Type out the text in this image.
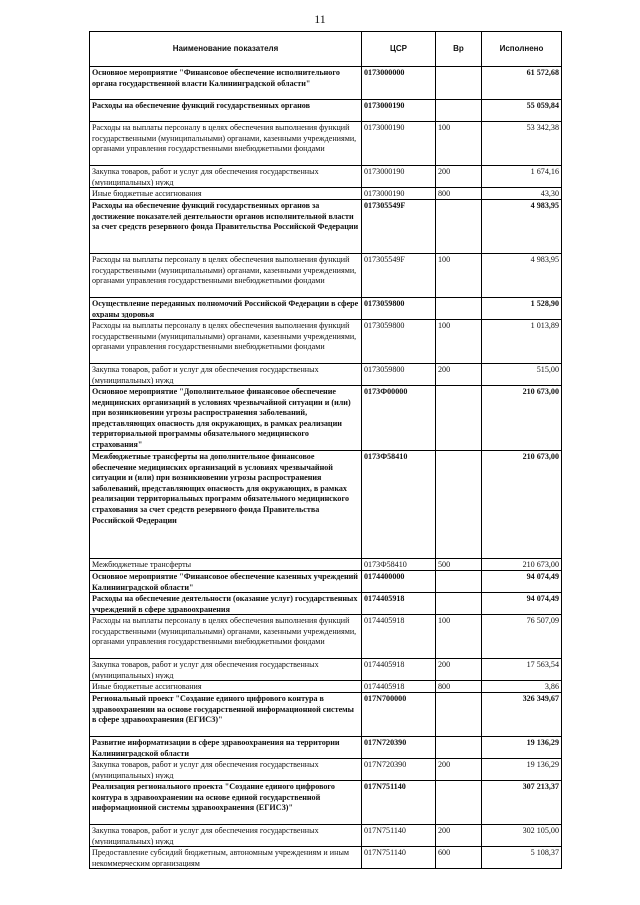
11
Наименование показателя	ЦСР	Вр	Исполнено

Основное мероприятие "Финансовое обеспечение исполнительного органа государственной власти Калининградской области"	0173000000		61 572,68

Расходы на обеспечение функций государственных органов	0173000190		55 059,84

Расходы на выплаты персоналу в целях обеспечения выполнения функций государственными (муниципальными) органами, казенными учреждениями, органами управления государственными внебюджетными фондами	0173000190	100	53 342,38

Закупка товаров, работ и услуг для обеспечения государственных (муниципальных) нужд	0173000190	200	1 674,16

Иные бюджетные ассигнования	0173000190	800	43,30

Расходы на обеспечение функций государственных органов за достижение показателей деятельности органов исполнительной власти за счет средств резервного фонда Правительства Российской Федерации	017305549F		4 983,95

Расходы на выплаты персоналу в целях обеспечения выполнения функций государственными (муниципальными) органами, казенными учреждениями, органами управления государственными внебюджетными фондами	017305549F	100	4 983,95

Осуществление переданных полномочий Российской Федерации в сфере охраны здоровья	0173059800		1 528,90

Расходы на выплаты персоналу в целях обеспечения выполнения функций государственными (муниципальными) органами, казенными учреждениями, органами управления государственными внебюджетными фондами	0173059800	100	1 013,89

Закупка товаров, работ и услуг для обеспечения государственных (муниципальных) нужд	0173059800	200	515,00

Основное мероприятие "Дополнительное финансовое обеспечение медицинских организаций в условиях чрезвычайной ситуации и (или) при возникновении угрозы распространения заболеваний, представляющих опасность для окружающих, в рамках реализации территориальной программы обязательного медицинского страхования"	0173Ф00000		210 673,00

Межбюджетные трансферты на дополнительное финансовое обеспечение медицинских организаций в условиях чрезвычайной ситуации и (или) при возникновении угрозы распространения заболеваний, представляющих опасность для окружающих, в рамках реализации территориальных программ обязательного медицинского страхования за счет средств резервного фонда Правительства Российской Федерации	0173Ф58410		210 673,00

Межбюджетные трансферты	0173Ф58410	500	210 673,00

Основное мероприятие "Финансовое обеспечение казенных учреждений Калининградской области"	0174400000		94 074,49

Расходы на обеспечение деятельности (оказание услуг) государственных учреждений в сфере здравоохранения	0174405918		94 074,49

Расходы на выплаты персоналу в целях обеспечения выполнения функций государственными (муниципальными) органами, казенными учреждениями, органами управления государственными внебюджетными фондами	0174405918	100	76 507,09

Закупка товаров, работ и услуг для обеспечения государственных (муниципальных) нужд	0174405918	200	17 563,54

Иные бюджетные ассигнования	0174405918	800	3,86

Региональный проект "Создание единого цифрового контура в здравоохранении на основе государственной информационной системы в сфере здравоохранения (ЕГИСЗ)"	017N700000		326 349,67

Развитие информатизации в сфере здравоохранения на территории Калининградской области	017N720390		19 136,29

Закупка товаров, работ и услуг для обеспечения государственных (муниципальных) нужд	017N720390	200	19 136,29

Реализация регионального проекта "Создание единого цифрового контура в здравоохранении на основе единой государственной информационной системы здравоохранения (ЕГИСЗ)"	017N751140		307 213,37

Закупка товаров, работ и услуг для обеспечения государственных (муниципальных) нужд	017N751140	200	302 105,00

Предоставление субсидий бюджетным, автономным учреждениям и иным некоммерческим организациям	017N751140	600	5 108,37
